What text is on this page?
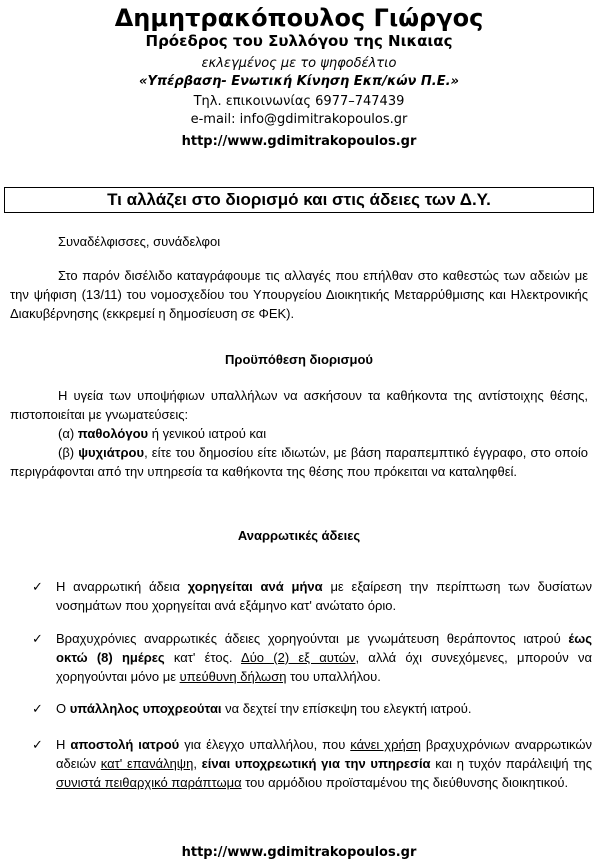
Δημητρακόπουλος Γιώργος
Πρόεδρος του Συλλόγου της Νικαιας
εκλεγμένος με το ψηφοδέλτιο
«Υπέρβαση- Ενωτική Κίνηση Εκπ/κών Π.Ε.»
Τηλ. επικοινωνίας 6977–747439
e-mail: info@gdimitrakopoulos.gr
http://www.gdimitrakopoulos.gr
Τι αλλάζει στο διορισμό και στις άδειες των Δ.Υ.
Συναδέλφισσες, συνάδελφοι
Στο παρόν δισέλιδο καταγράφουμε τις αλλαγές που επήλθαν στο καθεστώς των αδειών με την ψήφιση (13/11) του νομοσχεδίου του Υπουργείου Διοικητικής Μεταρρύθμισης και Ηλεκτρονικής Διακυβέρνησης (εκκρεμεί η δημοσίευση σε ΦΕΚ).
Προϋπόθεση διορισμού
Η υγεία των υποψήφιων υπαλλήλων να ασκήσουν τα καθήκοντα της αντίστοιχης θέσης, πιστοποιείται με γνωματεύσεις:
(α) παθολόγου ή γενικού ιατρού και
(β) ψυχιάτρου, είτε του δημοσίου είτε ιδιωτών, με βάση παραπεμπτικό έγγραφο, στο οποίο περιγράφονται από την υπηρεσία τα καθήκοντα της θέσης που πρόκειται να καταληφθεί.
Αναρρωτικές άδειες
✓	Η αναρρωτική άδεια χορηγείται ανά μήνα με εξαίρεση την περίπτωση των δυσίατων νοσημάτων που χορηγείται ανά εξάμηνο κατ' ανώτατο όριο.
✓	Βραχυχρόνιες αναρρωτικές άδειες χορηγούνται με γνωμάτευση θεράποντος ιατρού έως οκτώ (8) ημέρες κατ' έτος. Δύο (2) εξ αυτών, αλλά όχι συνεχόμενες, μπορούν να χορηγούνται μόνο με υπεύθυνη δήλωση του υπαλλήλου.
✓	Ο υπάλληλος υποχρεούται να δεχτεί την επίσκεψη του ελεγκτή ιατρού.
✓	Η αποστολή ιατρού για έλεγχο υπαλλήλου, που κάνει χρήση βραχυχρόνιων αναρρωτικών αδειών κατ' επανάληψη, είναι υποχρεωτική για την υπηρεσία και η τυχόν παράλειψή της συνιστά πειθαρχικό παράπτωμα του αρμόδιου προϊσταμένου της διεύθυνσης διοικητικού.
http://www.gdimitrakopoulos.gr
